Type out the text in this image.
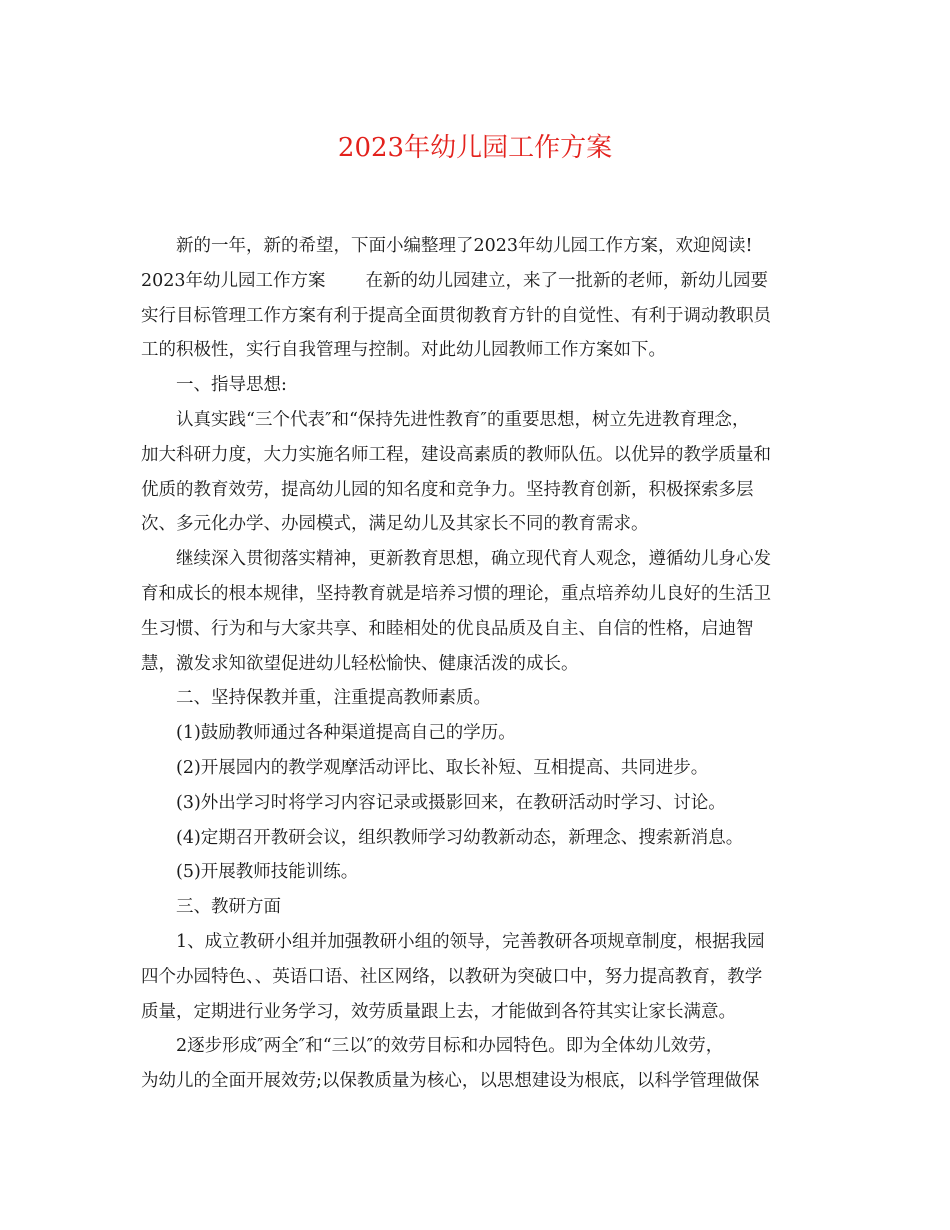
2023年幼儿园工作方案
新的一年，新的希望，下面小编整理了2023年幼儿园工作方案，欢迎阅读!
2023年幼儿园工作方案 在新的幼儿园建立，来了一批新的老师，新幼儿园要
实行目标管理工作方案有利于提高全面贯彻教育方针的自觉性、有利于调动教职员
工的积极性，实行自我管理与控制。对此幼儿园教师工作方案如下。
一、指导思想:
认真实践“三个代表″和“保持先进性教育″的重要思想，树立先进教育理念，
加大科研力度，大力实施名师工程，建设高素质的教师队伍。以优异的教学质量和
优质的教育效劳，提高幼儿园的知名度和竞争力。坚持教育创新，积极探索多层
次、多元化办学、办园模式，满足幼儿及其家长不同的教育需求。
继续深入贯彻落实精神，更新教育思想，确立现代育人观念，遵循幼儿身心发
育和成长的根本规律，坚持教育就是培养习惯的理论，重点培养幼儿良好的生活卫
生习惯、行为和与大家共享、和睦相处的优良品质及自主、自信的性格，启迪智
慧，激发求知欲望促进幼儿轻松愉快、健康活泼的成长。
二、坚持保教并重，注重提高教师素质。
(1)鼓励教师通过各种渠道提高自己的学历。
(2)开展园内的教学观摩活动评比、取长补短、互相提高、共同进步。
(3)外出学习时将学习内容记录或摄影回来，在教研活动时学习、讨论。
(4)定期召开教研会议，组织教师学习幼教新动态，新理念、搜索新消息。
(5)开展教师技能训练。
三、教研方面
1、成立教研小组并加强教研小组的领导，完善教研各项规章制度，根据我园
四个办园特色、、英语口语、社区网络，以教研为突破口中，努力提高教育，教学
质量，定期进行业务学习，效劳质量跟上去，才能做到各符其实让家长满意。
2逐步形成″两全″和“三以″的效劳目标和办园特色。即为全体幼儿效劳，
为幼儿的全面开展效劳;以保教质量为核心，以思想建设为根底，以科学管理做保
